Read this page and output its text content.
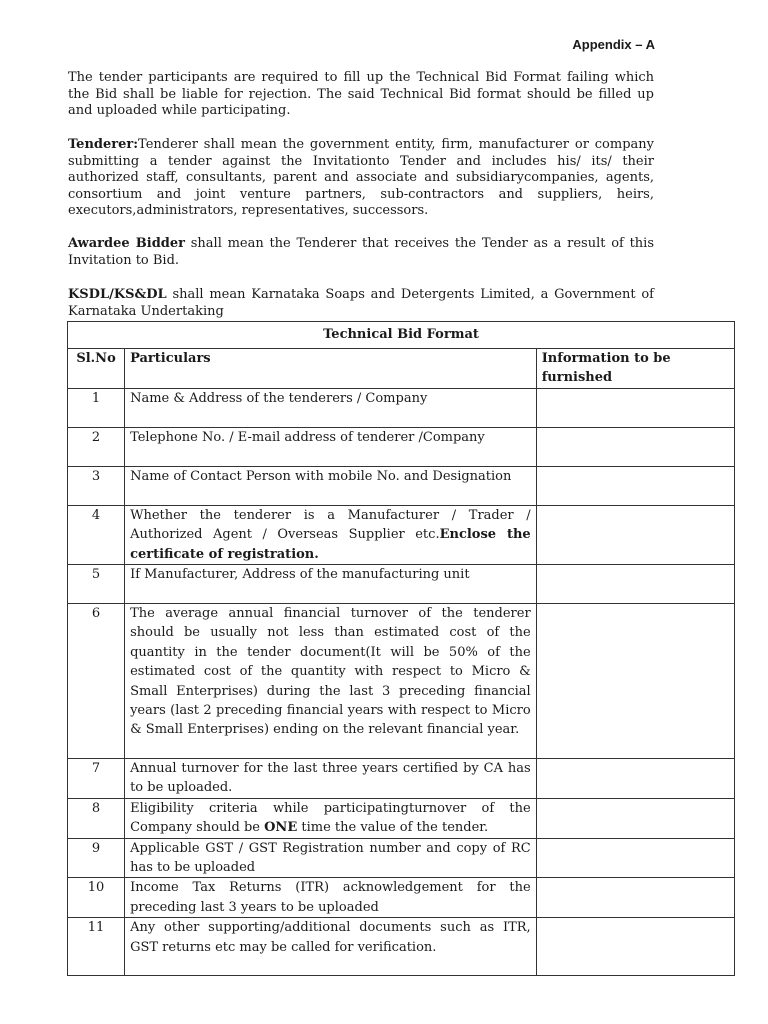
Appendix – A

The tender participants are required to fill up the Technical Bid Format failing which the Bid shall be liable for rejection. The said Technical Bid format should be filled up and uploaded while participating.

Tenderer:Tenderer shall mean the government entity, firm, manufacturer or company submitting a tender against the Invitationto Tender and includes his/ its/ their authorized staff, consultants, parent and associate and subsidiarycompanies, agents, consortium and joint venture partners, sub-contractors and suppliers, heirs, executors,administrators, representatives, successors.

Awardee Bidder shall mean the Tenderer that receives the Tender as a result of this Invitation to Bid.

KSDL/KS&DL shall mean Karnataka Soaps and Detergents Limited, a Government of Karnataka Undertaking

Technical Bid Format		
Sl.No	Particulars	Information to be furnished
1	Name & Address of the tenderers / Company	
2	Telephone No. / E-mail address of tenderer /Company	
3	Name of Contact Person with mobile No. and Designation	
4	Whether the tenderer is a Manufacturer / Trader / Authorized Agent / Overseas Supplier etc.Enclose the certificate of registration.	
5	If Manufacturer, Address of the manufacturing unit	
6	The average annual financial turnover of the tenderer should be usually not less than estimated cost of the quantity in the tender document(It will be 50% of the estimated cost of the quantity with respect to Micro & Small Enterprises) during the last 3 preceding financial years (last 2 preceding financial years with respect to Micro & Small Enterprises) ending on the relevant financial year.	
7	Annual turnover for the last three years certified by CA has to be uploaded.	
8	Eligibility criteria while participatingturnover of the Company should be ONE time the value of the tender.	
9	Applicable GST / GST Registration number and copy of RC has to be uploaded	
10	Income Tax Returns (ITR) acknowledgement for the preceding last 3 years to be uploaded	
11	Any other supporting/additional documents such as ITR, GST returns etc may be called for verification.	
